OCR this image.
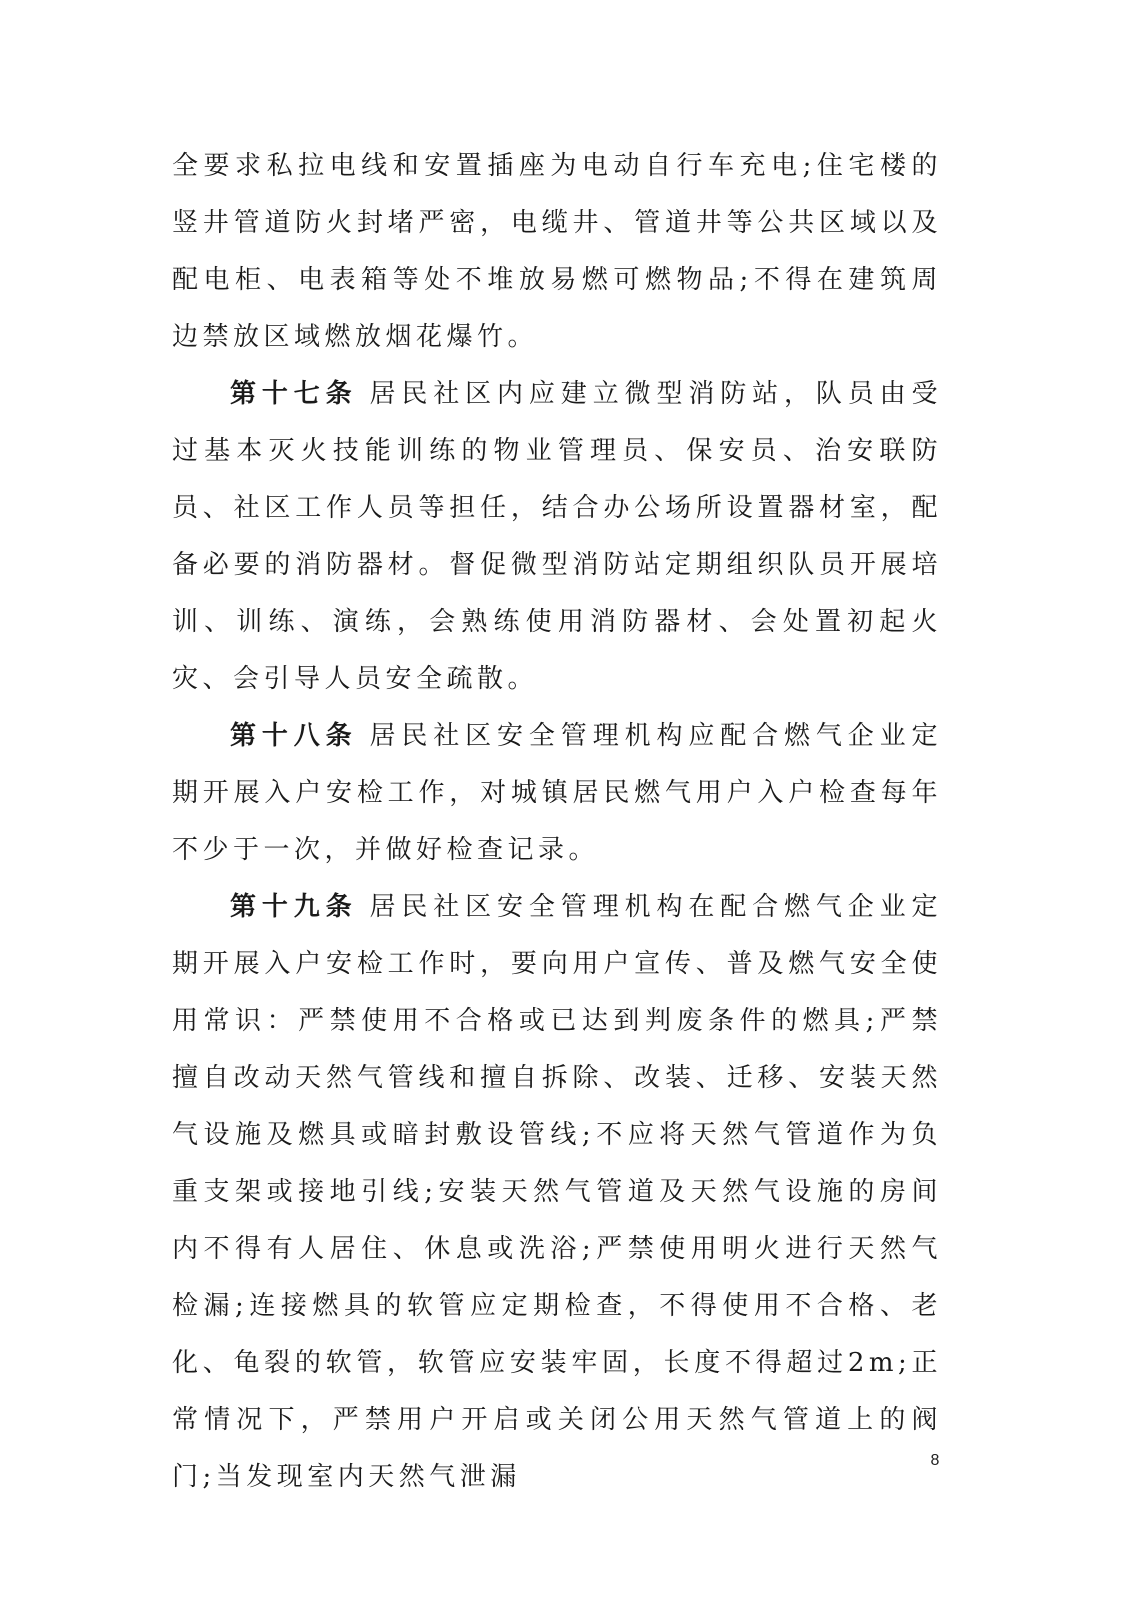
全要求私拉电线和安置插座为电动自行车充电;住宅楼的竖井管道防火封堵严密，电缆井、管道井等公共区域以及配电柜、电表箱等处不堆放易燃可燃物品;不得在建筑周边禁放区域燃放烟花爆竹。

第十七条 居民社区内应建立微型消防站，队员由受过基本灭火技能训练的物业管理员、保安员、治安联防员、社区工作人员等担任，结合办公场所设置器材室，配备必要的消防器材。督促微型消防站定期组织队员开展培训、训练、演练，会熟练使用消防器材、会处置初起火灾、会引导人员安全疏散。

第十八条 居民社区安全管理机构应配合燃气企业定期开展入户安检工作，对城镇居民燃气用户入户检查每年不少于一次，并做好检查记录。

第十九条 居民社区安全管理机构在配合燃气企业定期开展入户安检工作时，要向用户宣传、普及燃气安全使用常识：严禁使用不合格或已达到判废条件的燃具;严禁擅自改动天然气管线和擅自拆除、改装、迁移、安装天然气设施及燃具或暗封敷设管线;不应将天然气管道作为负重支架或接地引线;安装天然气管道及天然气设施的房间内不得有人居住、休息或洗浴;严禁使用明火进行天然气检漏;连接燃具的软管应定期检查，不得使用不合格、老化、龟裂的软管，软管应安装牢固，长度不得超过2m;正常情况下，严禁用户开启或关闭公用天然气管道上的阀门;当发现室内天然气泄漏

8
